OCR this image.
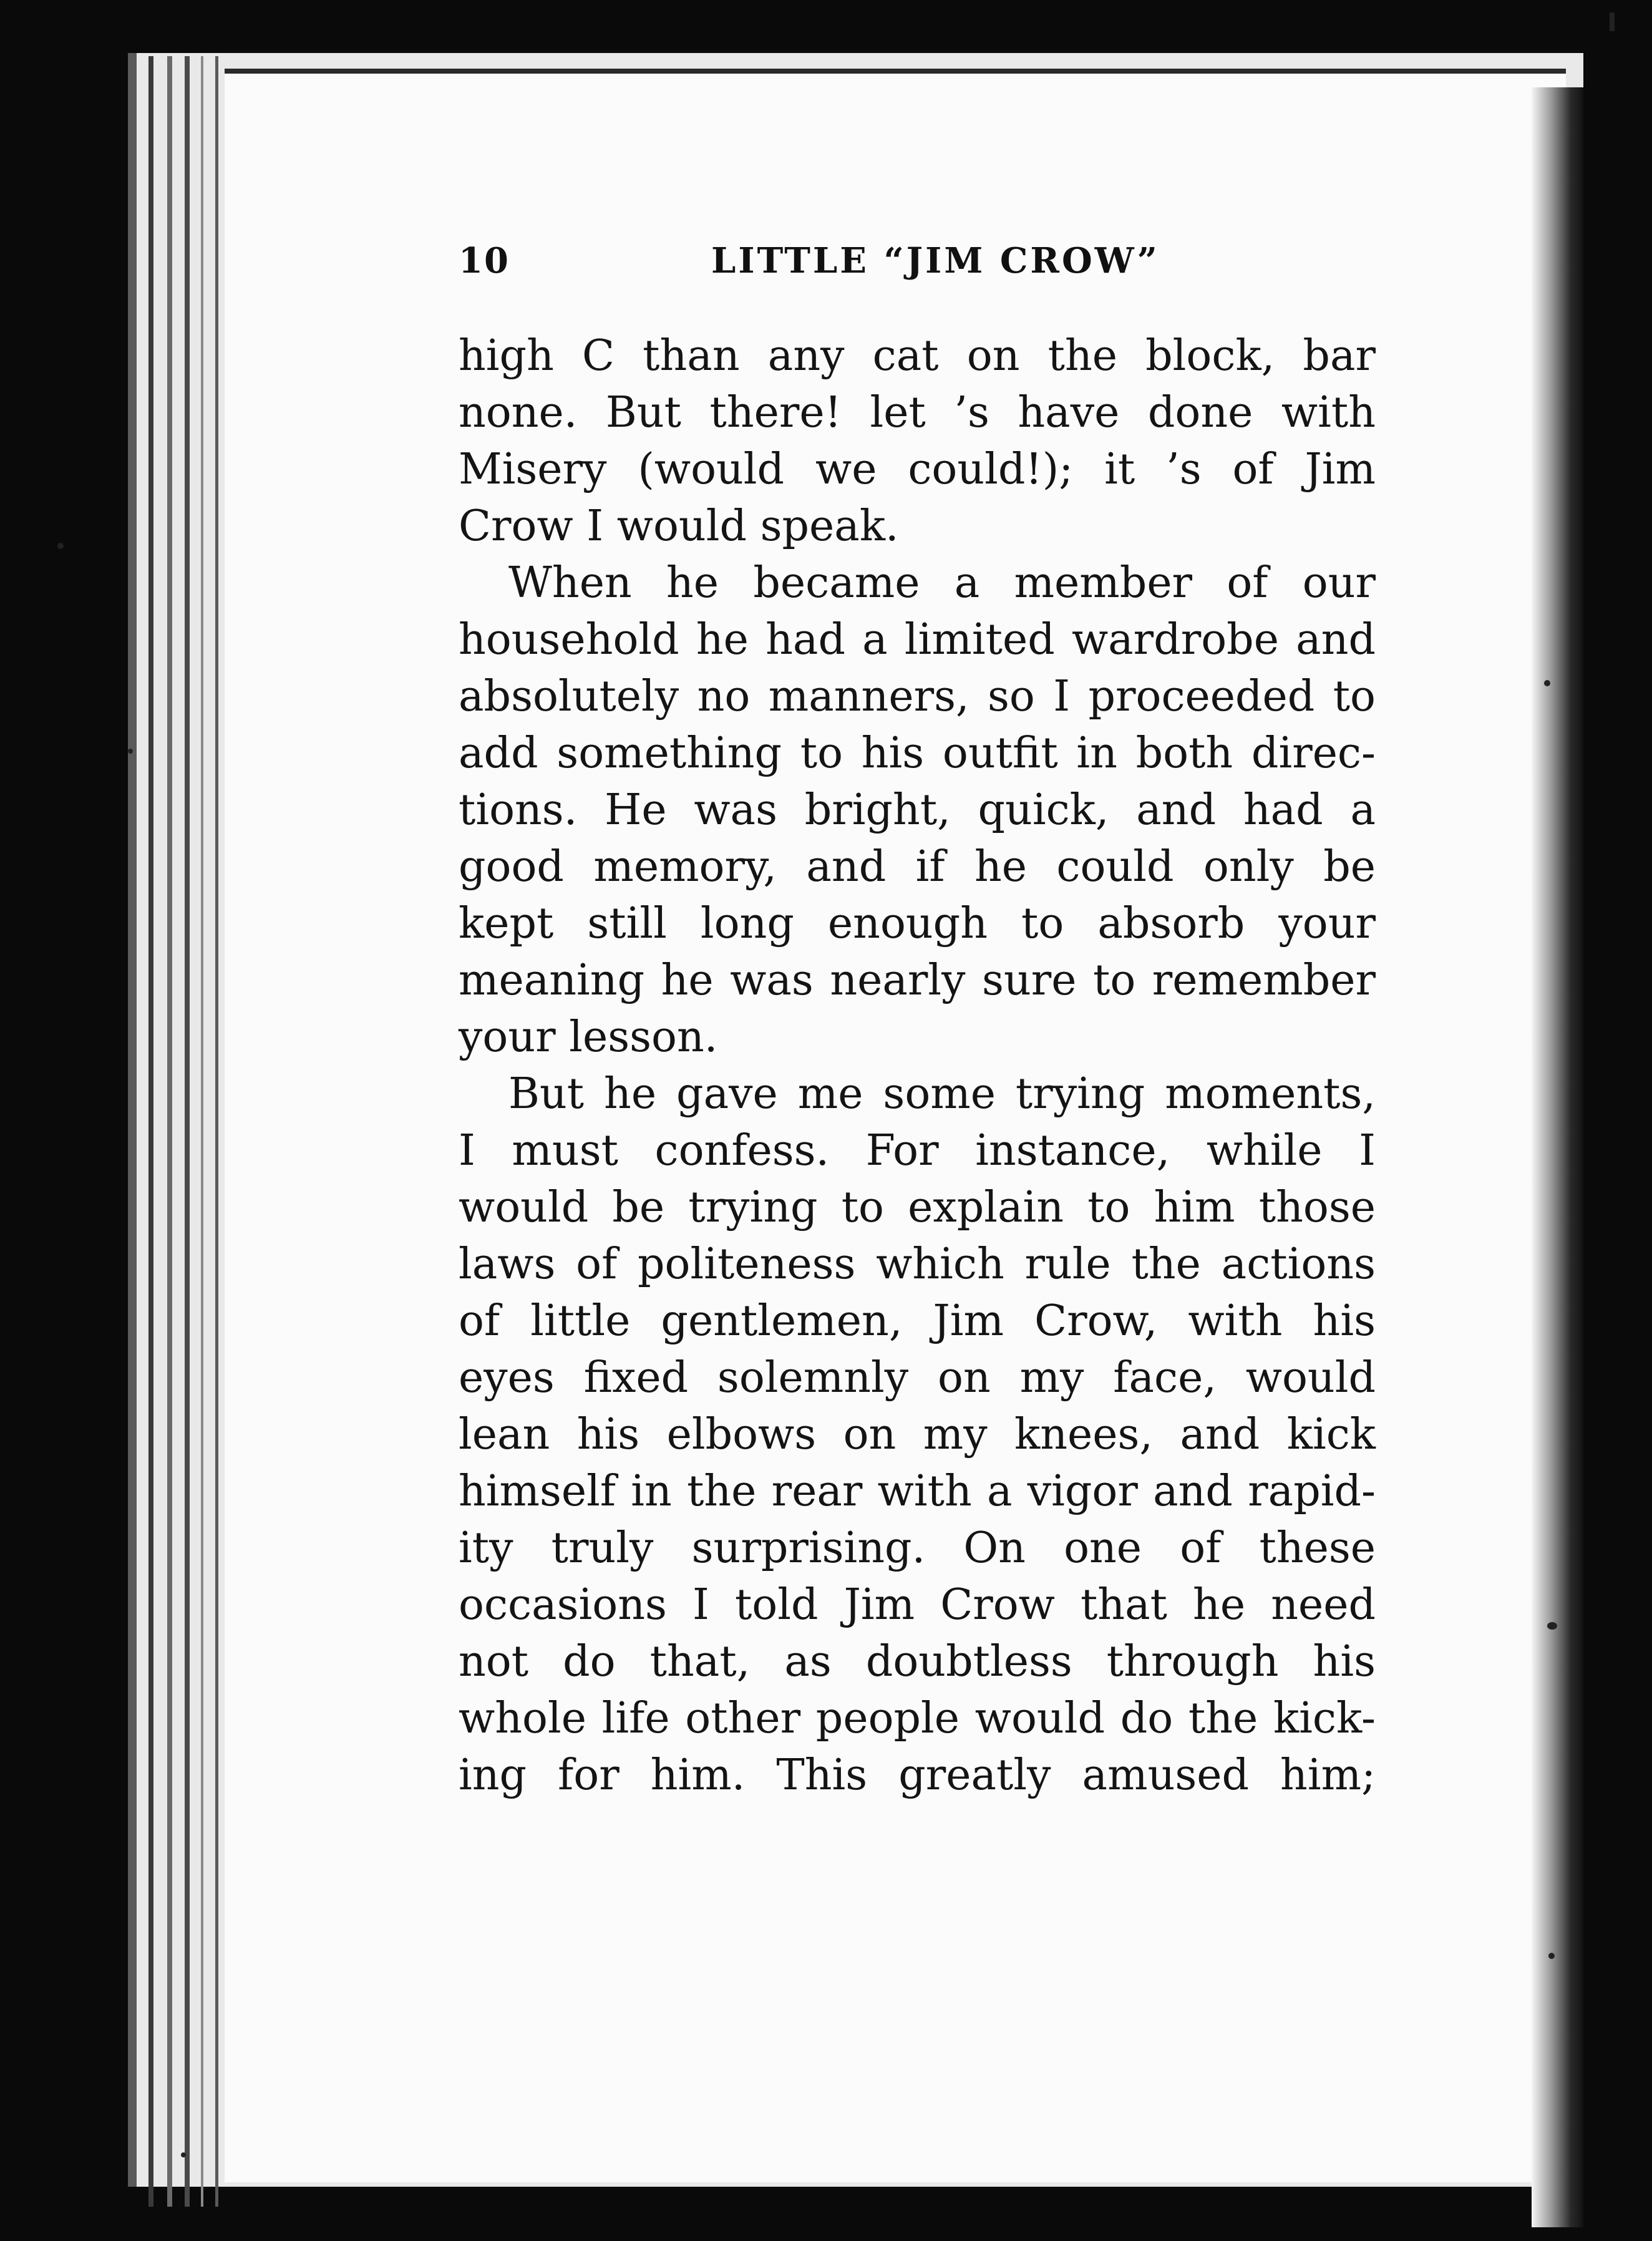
10	LITTLE “JIM CROW”
high C than any cat on the block, bar
none. But there! let ’s have done with
Misery (would we could!); it ’s of Jim
Crow I would speak.
When he became a member of our
household he had a limited wardrobe and
absolutely no manners, so I proceeded to
add something to his outfit in both direc-
tions. He was bright, quick, and had a
good memory, and if he could only be
kept still long enough to absorb your
meaning he was nearly sure to remember
your lesson.
But he gave me some trying moments,
I must confess. For instance, while I
would be trying to explain to him those
laws of politeness which rule the actions
of little gentlemen, Jim Crow, with his
eyes fixed solemnly on my face, would
lean his elbows on my knees, and kick
himself in the rear with a vigor and rapid-
ity truly surprising. On one of these
occasions I told Jim Crow that he need
not do that, as doubtless through his
whole life other people would do the kick-
ing for him. This greatly amused him;
